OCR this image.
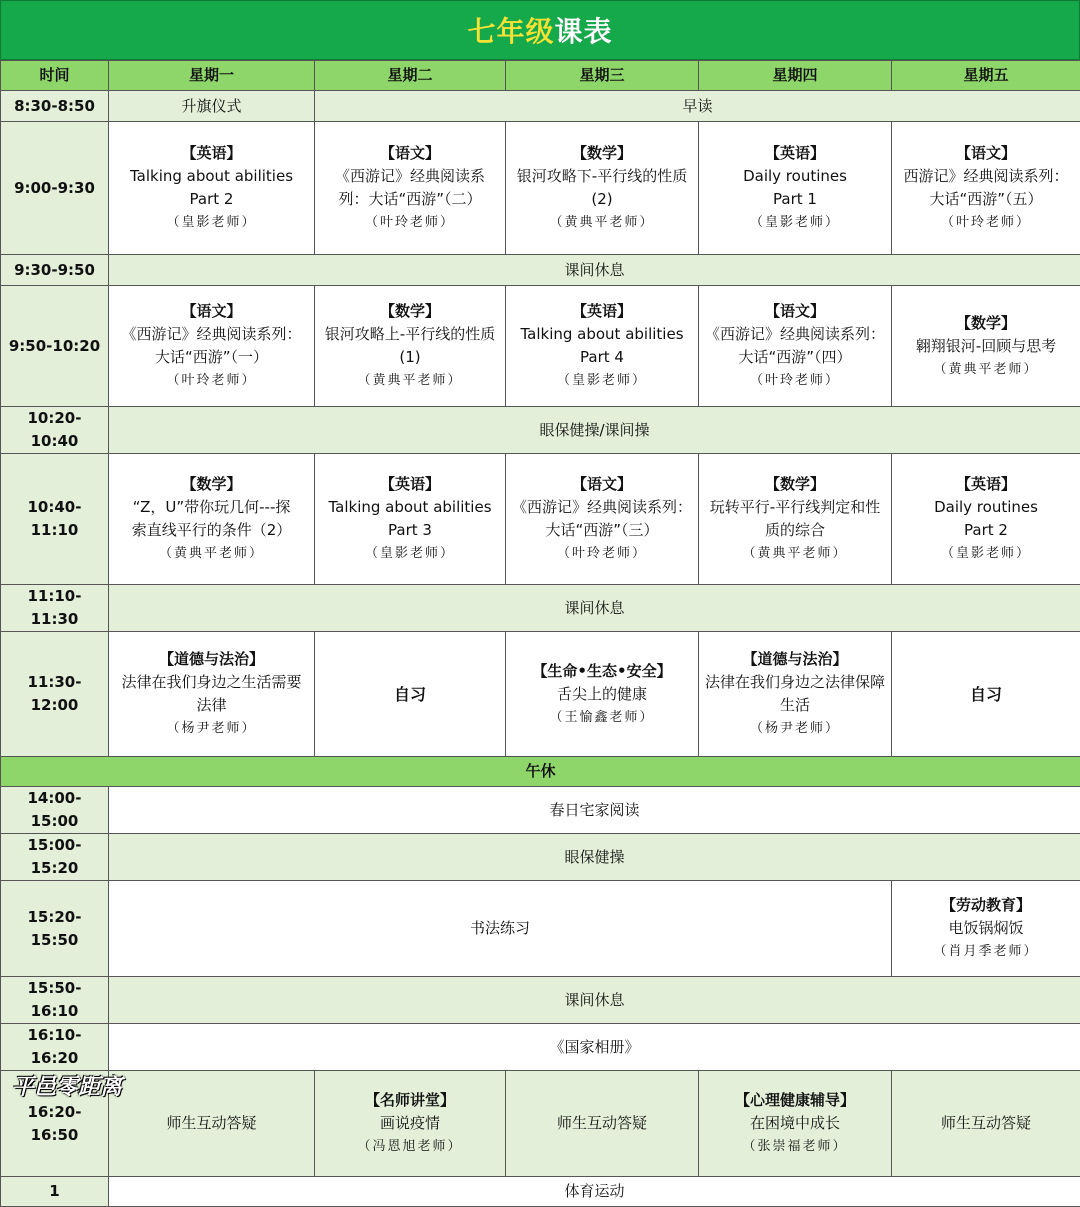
七年级 课表
时间	星期一	星期二	星期三	星期四	星期五
8:30-8:50	升旗仪式	早读			
9:00-9:30	【英语】
Talking about abilities
Part 2
（皇影老师）	【语文】
《西游记》经典阅读系
列：大话“西游”（二）
（叶玲老师）	【数学】
银河攻略下-平行线的性质
(2)
（黄典平老师）	【英语】
Daily routines
Part 1
（皇影老师）	【语文】
西游记》经典阅读系列：
大话“西游”（五）
（叶玲老师）

9:30-9:50	课间休息				
9:50-10:20	【语文】
《西游记》经典阅读系列：
大话“西游”（一）
（叶玲老师）	【数学】
银河攻略上-平行线的性质
(1)
（黄典平老师）	【英语】
Talking about abilities
Part 4
（皇影老师）	【语文】
《西游记》经典阅读系列：
大话“西游”（四）
（叶玲老师）	【数学】
翱翔银河-回顾与思考
（黄典平老师）

10:20-10:40	眼保健操/课间操				
10:40-11:10	【数学】
“Z，U”带你玩几何---探
索直线平行的条件（2）
（黄典平老师）	【英语】
Talking about abilities
Part 3
（皇影老师）	【语文】
《西游记》经典阅读系列：
大话“西游”（三）
（叶玲老师）	【数学】
玩转平行-平行线判定和性
质的综合
（黄典平老师）	【英语】
Daily routines
Part 2
（皇影老师）

11:10-11:30	课间休息				
11:30-12:00	【道德与法治】
法律在我们身边之生活需要
法律
（杨尹老师）	自习	【生命•生态•安全】
舌尖上的健康
（王愉鑫老师）	【道德与法治】
法律在我们身边之法律保障
生活
（杨尹老师）	自习
午休					
14:00-15:00	春日宅家阅读				
15:00-15:20	眼保健操				
15:20-15:50	书法练习				【劳动教育】
电饭锅焖饭
（肖月季老师）

15:50-16:10	课间休息				
16:10-16:20	《国家相册》				
16:20-16:50	师生互动答疑	【名师讲堂】
画说疫情
（冯恩旭老师）	师生互动答疑	【心理健康辅导】
在困境中成长
（张崇福老师）	师生互动答疑
1	体育运动				
平邑零距离
